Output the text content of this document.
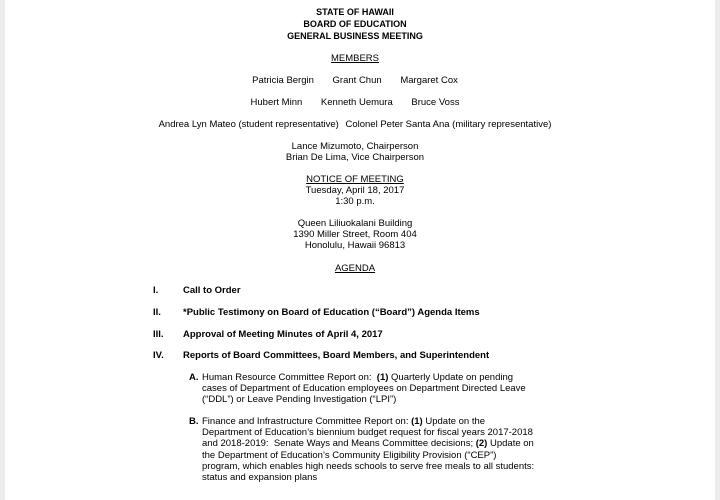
STATE OF HAWAII
BOARD OF EDUCATION
GENERAL BUSINESS MEETING
MEMBERS
Patricia Bergin Grant Chun Margaret Cox
Hubert Minn Kenneth Uemura Bruce Voss
Andrea Lyn Mateo (student representative) Colonel Peter Santa Ana (military representative)
Lance Mizumoto, Chairperson
Brian De Lima, Vice Chairperson
NOTICE OF MEETING
Tuesday, April 18, 2017
1:30 p.m.
Queen Liliuokalani Building
1390 Miller Street, Room 404
Honolulu, Hawaii 96813
AGENDA
I.	Call to Order
II. *Public Testimony on Board of Education (“Board”) Agenda Items
III. Approval of Meeting Minutes of April 4, 2017
IV. Reports of Board Committees, Board Members, and Superintendent
A. Human Resource Committee Report on:  (1) Quarterly Update on pending
cases of Department of Education employees on Department Directed Leave
(“DDL”) or Leave Pending Investigation (“LPI”)
B. Finance and Infrastructure Committee Report on: (1) Update on the
Department of Education’s biennium budget request for fiscal years 2017-2018
and 2018-2019:  Senate Ways and Means Committee decisions; (2) Update on
the Department of Education’s Community Eligibility Provision (“CEP”)
program, which enables high needs schools to serve free meals to all students:
status and expansion plans
